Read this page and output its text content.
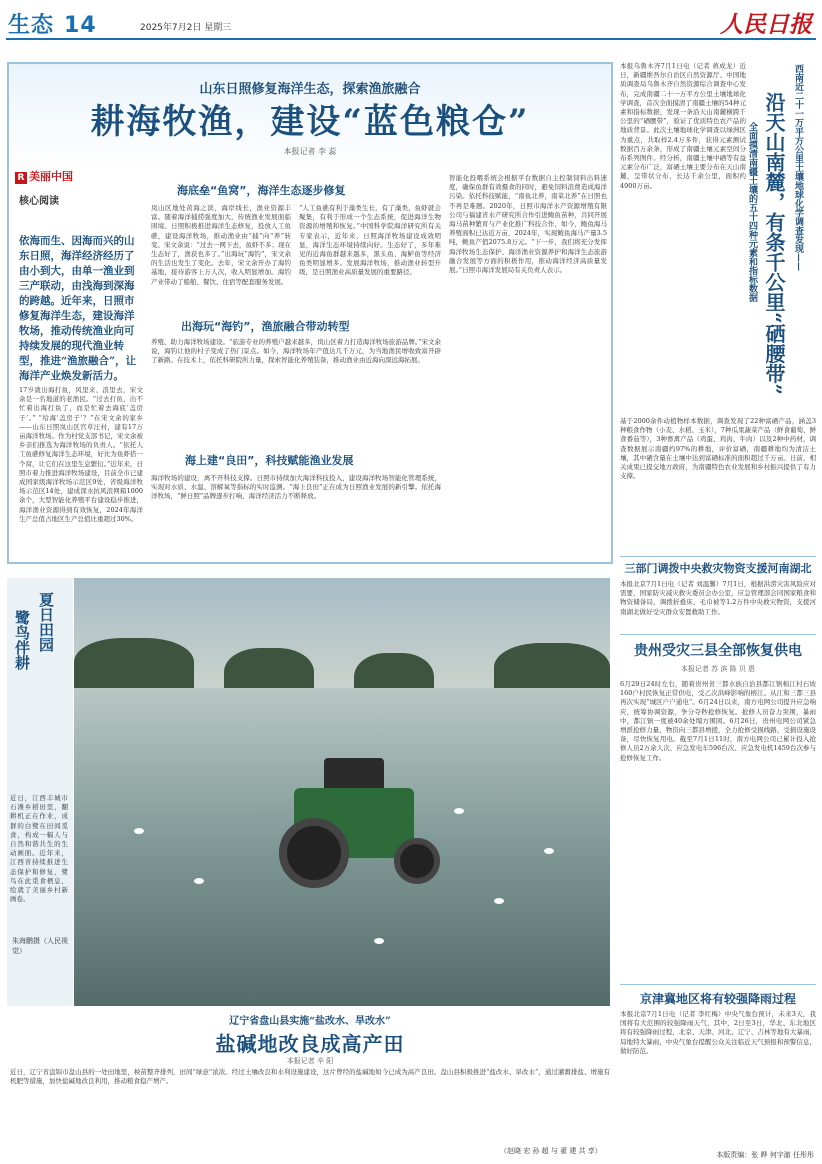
生态 14	2025年7月2日 星期三	人民日报
山东日照修复海洋生态，探索渔旅融合
耕海牧渔，建设“蓝色粮仓”
本报记者 李 蕊
R 美丽中国
核心阅读
依海而生、因海而兴的山东日照，海洋经济经历了由小到大，由单一渔业到三产联动，由浅海到深海的跨越。近年来，日照市修复海洋生态，建设海洋牧场，推动传统渔业向可持续发展的现代渔业转型，推进“渔旅融合”，让海洋产业焕发新活力。
17岁就出海打鱼，风里来、浪里去，宋文余是一名地道的老渔民。“过去打鱼，出不忙着出海打鱼了，而是忙着去海底‘盖房子’。” “给海‘盖房子’？”在宋文余的家乡——山东日照岚山区官草汪村，建有17万亩海洋牧场。作为村党支部书记，宋文余被乡亲们推选为海洋牧场的负责人。“依托人工鱼礁修复海洋生态环境，好比为鱼虾搭一个窝，让它们在这里生息繁衍。”近年来，日照市着力推进海洋牧场建设，目前全市已建成国家级海洋牧场示范区9处，省级海洋牧场示范区14处，建成深水抗风浪网箱1000余个，大型智能化养殖平台建设稳步推进，海洋渔业资源得到有效恢复，2024年海洋生产总值占地区生产总值比重超过30%。
海底垒“鱼窝”，海洋生态逐步修复
岚山区地处黄海之滨，海岸线长，渔业资源丰富。随着海洋捕捞强度加大，传统渔业发展面临困境。日照积极推进海洋生态修复，投放人工鱼礁，建设海洋牧场，推动渔业由“捕”向“养”转变。宋文余说：“过去一网下去，鱼虾不多；现在生态好了，渔获也多了。”出海玩“海钓”，宋文余的生活也发生了变化。去年，宋文余开办了海钓基地，接待游客上万人次，收入明显增加。海钓产业带动了船舶、餐饮、住宿等配套服务发展。
“人工鱼礁有利于藻类生长，有了藻类，鱼虾就会聚集，有利于形成一个生态系统，促进海洋生物资源的增殖和恢复。”中国科学院海洋研究所有关专家表示，近年来，日照海洋牧场建设成效明显，海洋生态环境持续向好。生态好了，多年难见的近海鱼群越来越多，黑头鱼、海鲈鱼等经济鱼类明显增多。发展海洋牧场，推动渔业转型升级，是日照渔业高质量发展的重要路径。
出海玩“海钓”，渔旅融合带动转型
养殖、助力海洋牧场建设。“旅游专业的养殖户越来越多，岚山区着力打造海洋牧场旅游品牌。”宋文余说，海钓让他的村子变成了热门景点。如今，海洋牧场年产值达几千万元，为当地渔民增收致富开辟了新路。在技术上，依托科研院所力量，探索智能化养殖装备，推动渔业由近海向深远海拓展。
海上建“良田”，科技赋能渔业发展
海洋牧场的建设，离不开科技支撑。日照市持续加大海洋科技投入，建设海洋牧场智能化管理系统，实现对水质、水温、溶解氧等指标的实时监测。“海上良田”正在成为日照渔业发展的新引擎。依托海洋牧场，“鲜日照”品牌逐步打响，海洋经济活力不断释放。
智能化投喂系统会根据平台数据自主控制饲料出料速度，确保鱼群有效摄食的同时，避免饲料浪费造成海洋污染。依托科技赋能，“南鱼北养，南菜北养”在日照也不再是难题。2020年，日照市海洋水产资源增殖有限公司与福建省水产研究所合作引进鲍鱼苗种，共同开展海马苗种繁育与产业化推广科技合作，如今，鲍鱼海马养殖面积已达近万亩，2024年，实现鲍鱼海马产量3.5吨，鲍鱼产值2075.8万元。“下一步，我们将充分发挥海洋牧场生态保护、海洋渔业资源养护和海洋生态旅游融合发展等方面的积极作用，推动海洋经济高质量发展。”日照市海洋发展局有关负责人表示。
本报乌鲁木齐7月1日电（记者 蒋成龙）近日，新疆维吾尔自治区自然资源厅、中国地质调查局乌鲁木齐自然资源综合调查中心发布，完成南疆二十一万平方公里土壤地球化学调查，首次全面摸清了南疆土壤的54种元素和指标数据，发现一条沿天山南麓横跨千公里的“硒腰带”，验证了优质特色农产品的地质背景。此次土壤地球化学调查以绿洲区为重点，共取样2.4万多件，获得元素测试数据百万余条，形成了南疆土壤元素空间分布系列图件。经分析，南疆土壤中硒等有益元素分布广泛，富硒土壤主要分布在天山南麓，呈带状分布，长达千余公里，面积约4900万亩。	西南近二十一万平方公里土壤地球化学调查发现——
沿天山南麓，有条千公里“硒腰带”
全面摸清南疆土壤的五十四种元素和指标数据
基于2000余件动植物样本数据，调查发现了22种富硒产品，涵盖3种粮食作物（小麦、水稻、玉米），7种瓜果蔬菜产品（鲜食葡萄、鲜食番茄等），3种畜禽产品（鸡蛋、鸡肉、牛肉）以及2种中药材，调查数据展示南疆约97%的耕地，评价富硒，南疆耕地均为清洁土壤，其中硒含量在土壤中达到富硒标准的面积超过千万亩。日前，相关成果已提交地方政府，为南疆特色农业发展和乡村振兴提供了有力支撑。
三部门调拨中央救灾物资支援河南湖北
本报北京7月1日电（记者 刘温馨）7月1日，根据洪涝灾害风险应对需要，国家防灾减灾救灾委员会办公室，应急管理部会同国家粮食和物资储备局，调拨折叠床、毛巾被等1.2万件中央救灾物资，支援河南湖北做好受灾群众安置救助工作。
贵州受灾三县全部恢复供电
本报记者 苏 滨 陈 贝 恩
6月29日24时左右，随着贵州省三都水族自治县都江镇棉江村石坡160户村民恢复正常供电，受乙次洪峰影响的榕江、从江和三都三县再次实现“城区户户通电”。6月24日以来，南方电网公司提升应急响应，统筹协调资源，争分夺秒抢修恢复。抢修人员奋力突围，暴雨中，都江镇一度被40余处塌方围困。6月26日，贵州电网公司紧急增派抢修力量、物资向三都县增援，全力抢修受损线路，受损设施设备，尽快恢复用电。截至7月1日11时，南方电网公司已累计投入抢修人员2万余人次、应急发电车596台次、应急发电机1459台次参与抢修恢复工作。
京津冀地区将有较强降雨过程
本报北京7月1日电（记者 李红梅）中央气象台预计，未来3天，我国将有大范围的较强降雨天气，其中，2日至3日，华北、东北地区将有较强降雨过程，北京、天津、河北、辽宁、吉林等地有大暴雨，局地特大暴雨，中央气象台提醒公众关注临近天气预报和预警信息，做好防范。
夏日田园
鹭鸟伴耕
近日，江西丰城市石滩乡稻田里，翻耕机正在作业，成群的白鹭在田间觅食，构成一幅人与自然和谐共生的生动画面。近年来，江西省持续推进生态保护和修复，鹭鸟在此觅食栖息，绘就了美丽乡村新画卷。
朱海鹏摄（人民视觉）
辽宁省盘山县实施“盐改水、旱改水”
盐碱地改良成高产田
本报记者 辛 阳
近日，辽宁省盘锦市盘山县的一处田地里，秧苗整齐排列，田间“绿意”浓浓。经过土壤改良和水利设施建设，这片曾经的盐碱地如今已成为高产良田。盘山县积极推进“盐改水、旱改水”，通过灌溉排盐、增施有机肥等措施，加快盐碱地改良利用，推动粮食稳产增产。
（赵晓 宏 孙 超 与 翟 建 共 享）	本版责编：张 晔 何宇澈 任彤彤
